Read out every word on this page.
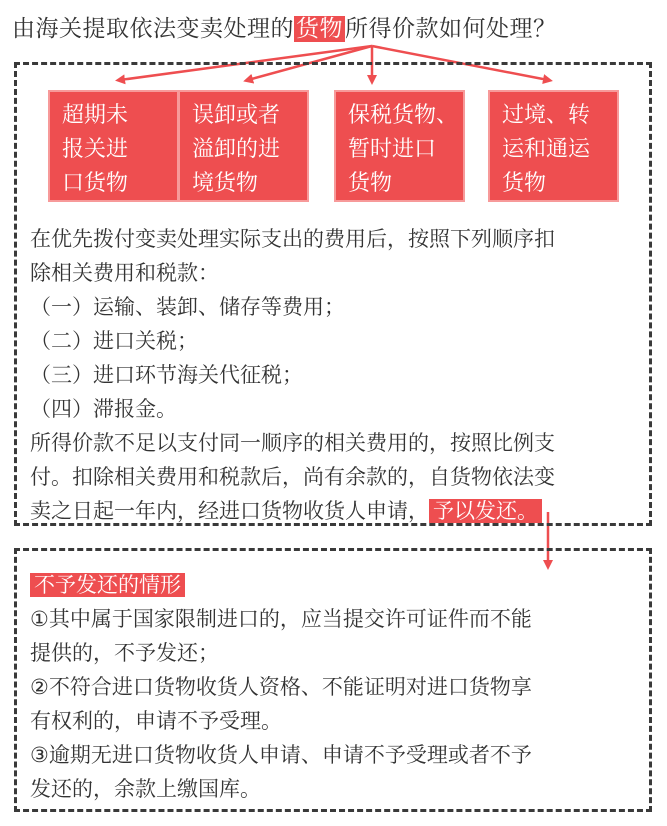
由海关提取依法变卖处理的货物所得价款如何处理？
超期未
报关进
口货物
误卸或者
溢卸的进
境货物
保税货物、
暂时进口
货物
过境、转
运和通运
货物
在优先拨付变卖处理实际支出的费用后，按照下列顺序扣
除相关费用和税款：
（一）运输、装卸、储存等费用；
（二）进口关税；
（三）进口环节海关代征税；
（四）滞报金。
所得价款不足以支付同一顺序的相关费用的，按照比例支
付。扣除相关费用和税款后，尚有余款的，自货物依法变
卖之日起一年内，经进口货物收货人申请， 予以发还。
不予发还的情形
①其中属于国家限制进口的，应当提交许可证件而不能
提供的，不予发还；
②不符合进口货物收货人资格、不能证明对进口货物享
有权利的，申请不予受理。
③逾期无进口货物收货人申请、申请不予受理或者不予
发还的，余款上缴国库。
